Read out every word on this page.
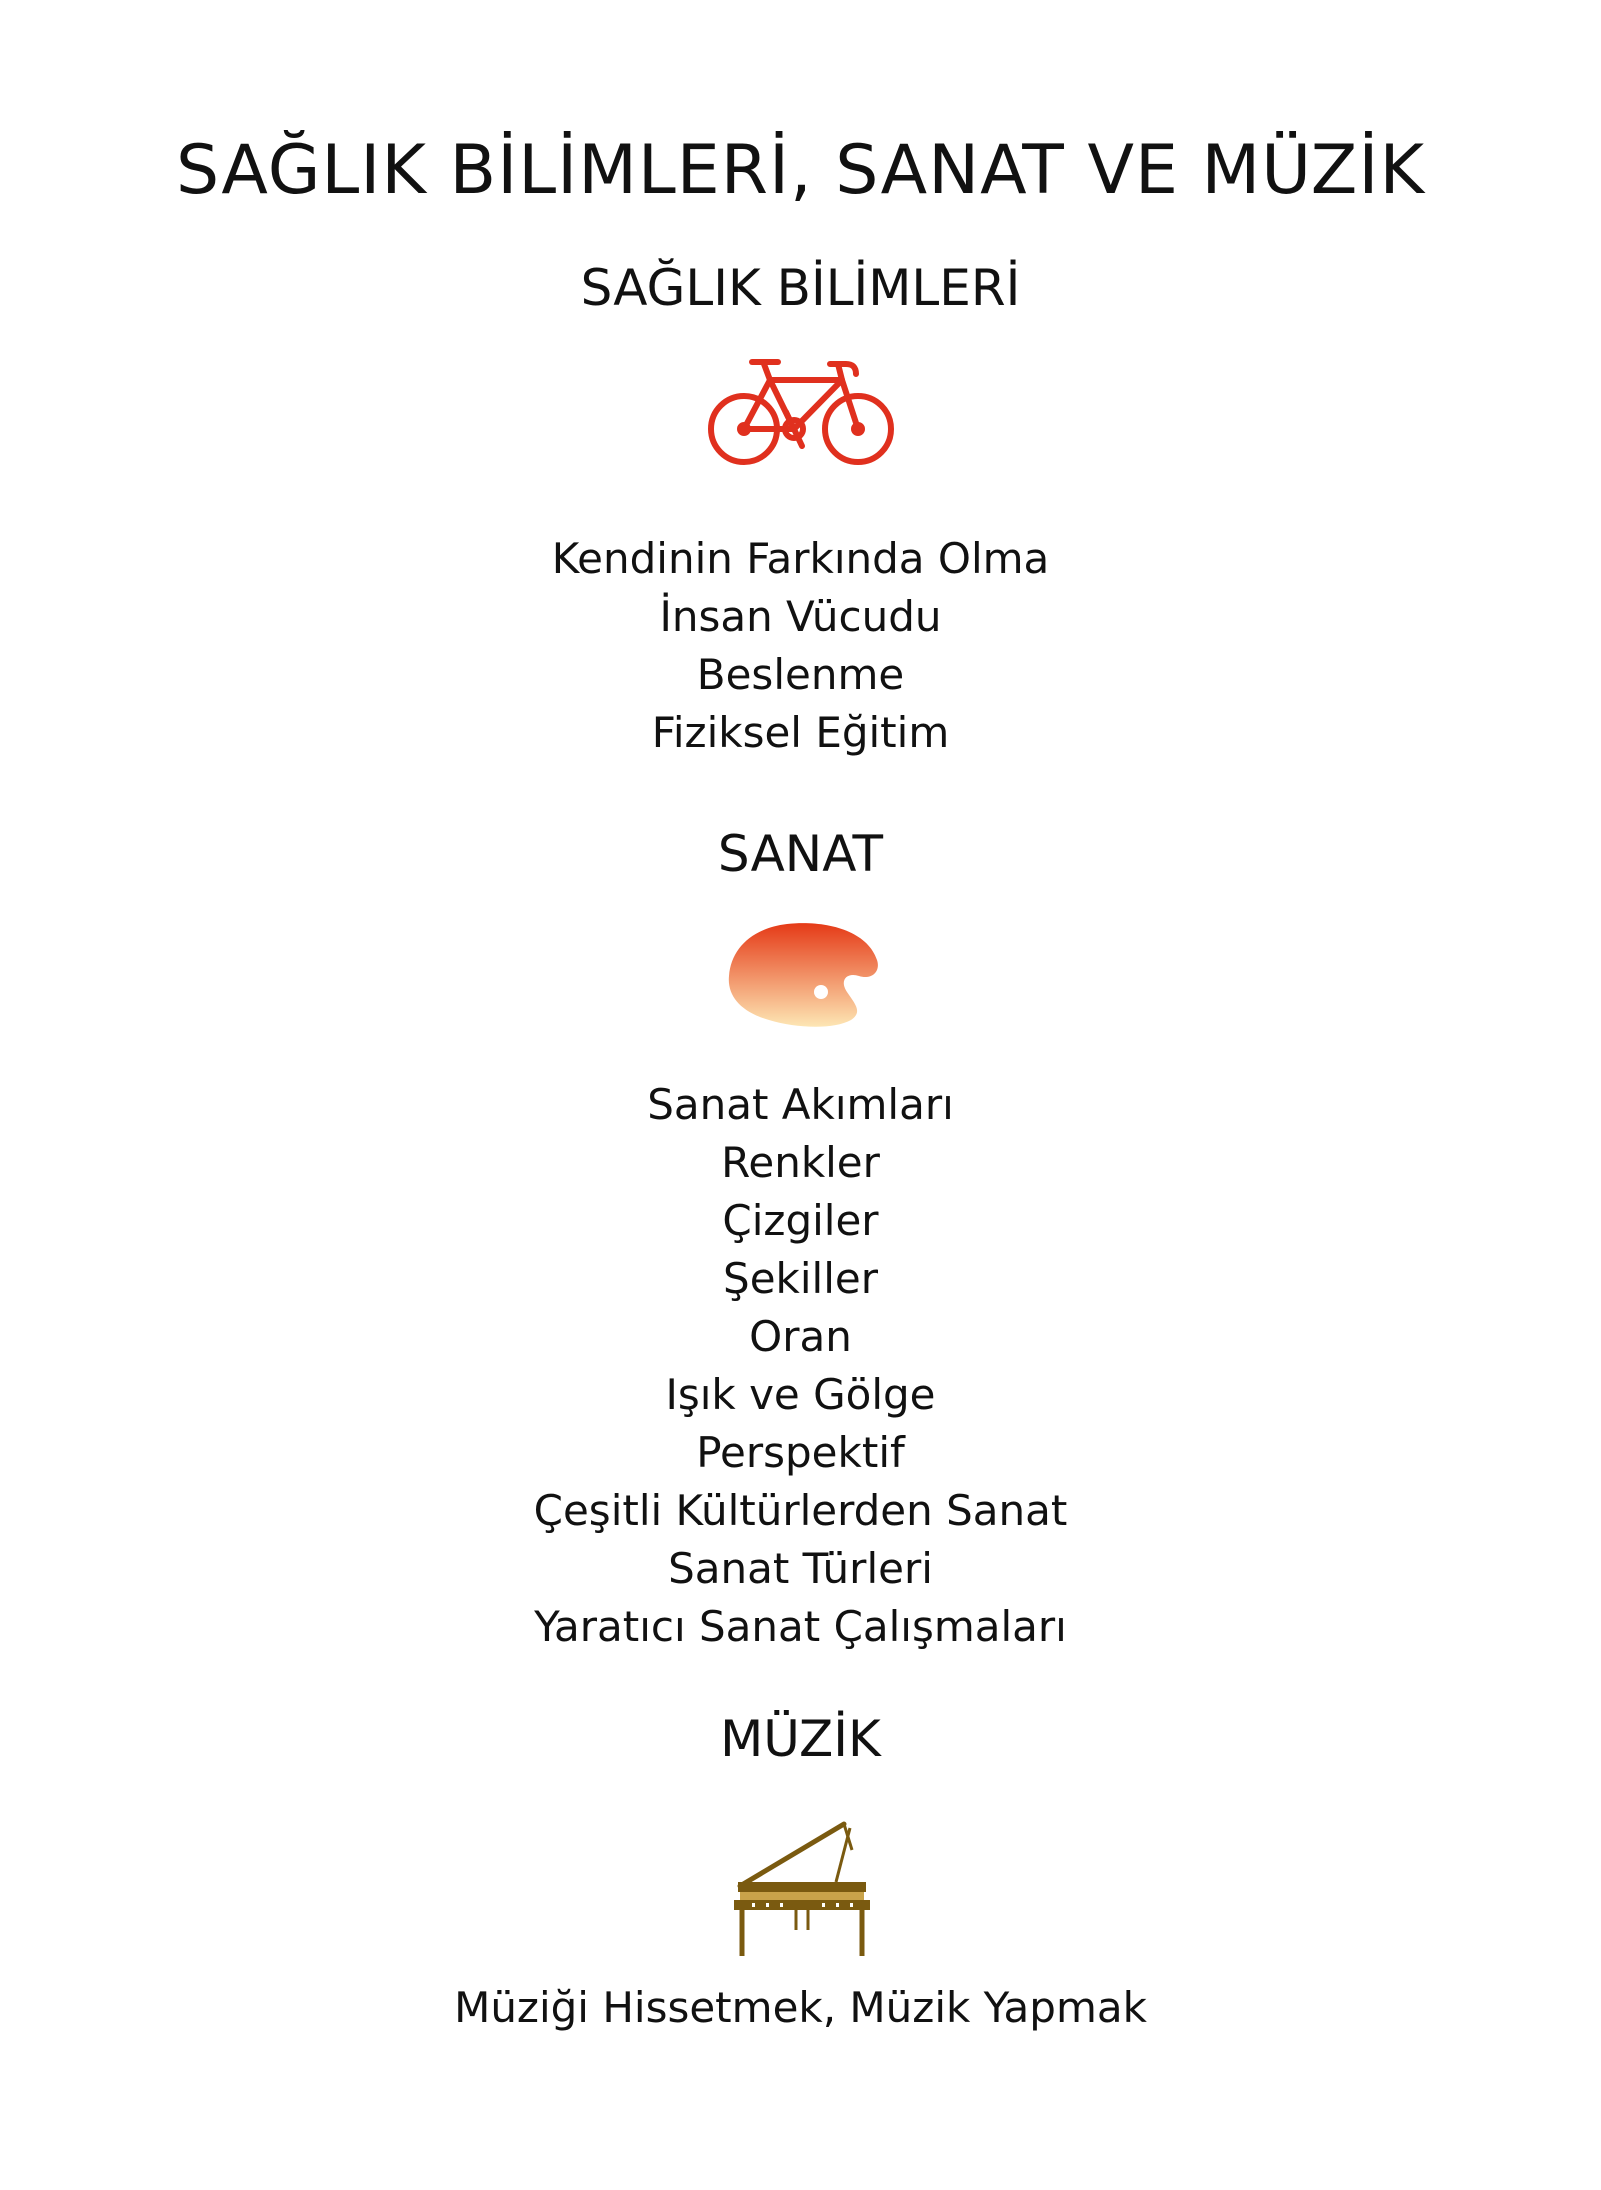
SAĞLIK BİLİMLERİ, SANAT VE MÜZİK
SAĞLIK BİLİMLERİ
Kendinin Farkında Olma
İnsan Vücudu
Beslenme
Fiziksel Eğitim
SANAT
Sanat Akımları
Renkler
Çizgiler
Şekiller
Oran
Işık ve Gölge
Perspektif
Çeşitli Kültürlerden Sanat
Sanat Türleri
Yaratıcı Sanat Çalışmaları
MÜZİK
Müziği Hissetmek, Müzik Yapmak
